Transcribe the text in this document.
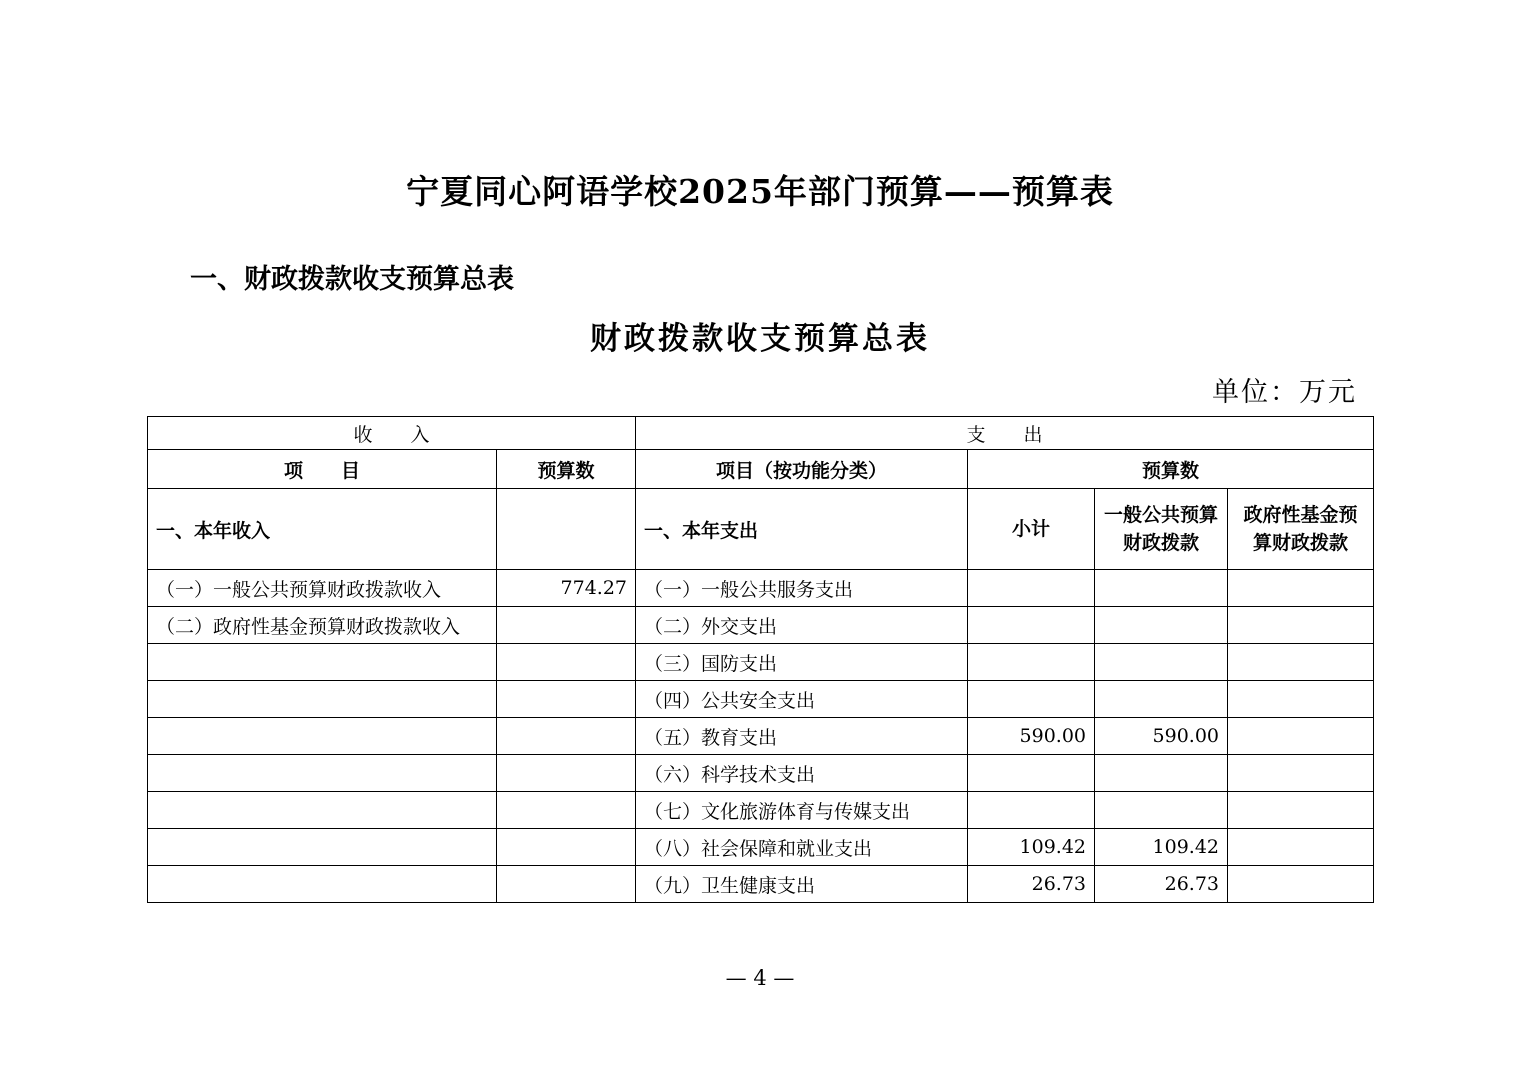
宁夏同心阿语学校2025年部门预算——预算表
一、财政拨款收支预算总表
财政拨款收支预算总表
单位：万元
收　　入		支　　出			
项　　目	预算数	项目（按功能分类）	预算数		
一、本年收入		一、本年支出	小计	一般公共预算财政拨款	政府性基金预算财政拨款
（一）一般公共预算财政拨款收入	774.27	（一）一般公共服务支出			
（二）政府性基金预算财政拨款收入		（二）外交支出			
		（三）国防支出			
		（四）公共安全支出			
		（五）教育支出	590.00	590.00	
		（六）科学技术支出			
		（七）文化旅游体育与传媒支出			
		（八）社会保障和就业支出	109.42	109.42	
		（九）卫生健康支出	26.73	26.73	
— 4 —
